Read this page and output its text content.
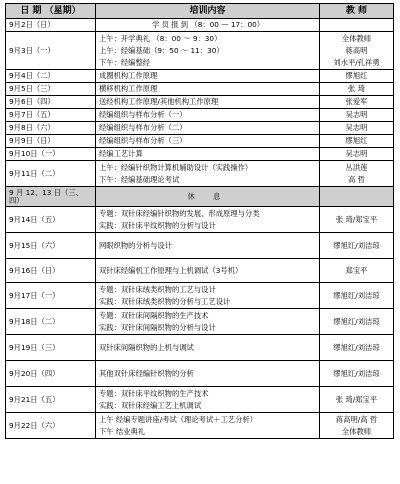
日 期 （星期）	培训内容	教 师
9月2日（日）	学 员 报 到 （8：00 — 17：00）	

9月3日（一）	上午：开学典礼 （8：00 ～ 9：30）
上午：经编基础（9：50 ～ 11：30）
下午：经编整经	全体教师
蒋高明
刘水平/孔祥勇

9月4日（二）	成圈机构工作原理	缪旭红

9月5日（三）	横移机构工作原理	张 琦

9月6日（四）	送经机构工作原理/其他机构工作原理	张爱军

9月7日（五）	经编组织与样布分析（一）	吴志明

9月8日（六）	经编组织与样布分析（二）	吴志明

9月9日（日）	经编组织与样布分析（三）	缪旭红

9月10日（一）	经编工艺计算	吴志明

9月11日（二）	上午：经编针织物计算机辅助设计（实践操作）
下午：经编基础理论考试	丛洪莲
高 哲

9 月 12、13 日（三、四）	休 息	

9月14日（五）	专题：双针床经编针织物的发展、形成原理与分类
实践：双针床平纹织物的分析与设计	张 琦/郑宝平

9月15日（六）	网眼织物的分析与设计	缪旭红/刘洁琼

9月16日（日）	双针床经编机工作原理与上机调试（3号机）	郑宝平

9月17日（一）	专题：双针床绒类织物的工艺与设计
实践：双针床绒类织物的分析与工艺设计	缪旭红/刘洁琼

9月18日（二）	专题：双针床间隔织物的生产技术
实践：双针床间隔织物的分析与设计	缪旭红/刘洁琼

9月19日（三）	双针床间隔织物的上机与调试	缪旭红/刘洁琼

9月20日（四）	其他双针床经编针织物的分析	缪旭红/刘洁琼

9月21日（五）	专题：双针床平纹织物的生产技术
实践：双针床经编工艺上机调试	张 琦/郑宝平

9月22日（六）	上午 经编专题讲座/考试（理论考试＋工艺分析）
下午 结业典礼	蒋高明/高 哲
全体教师
